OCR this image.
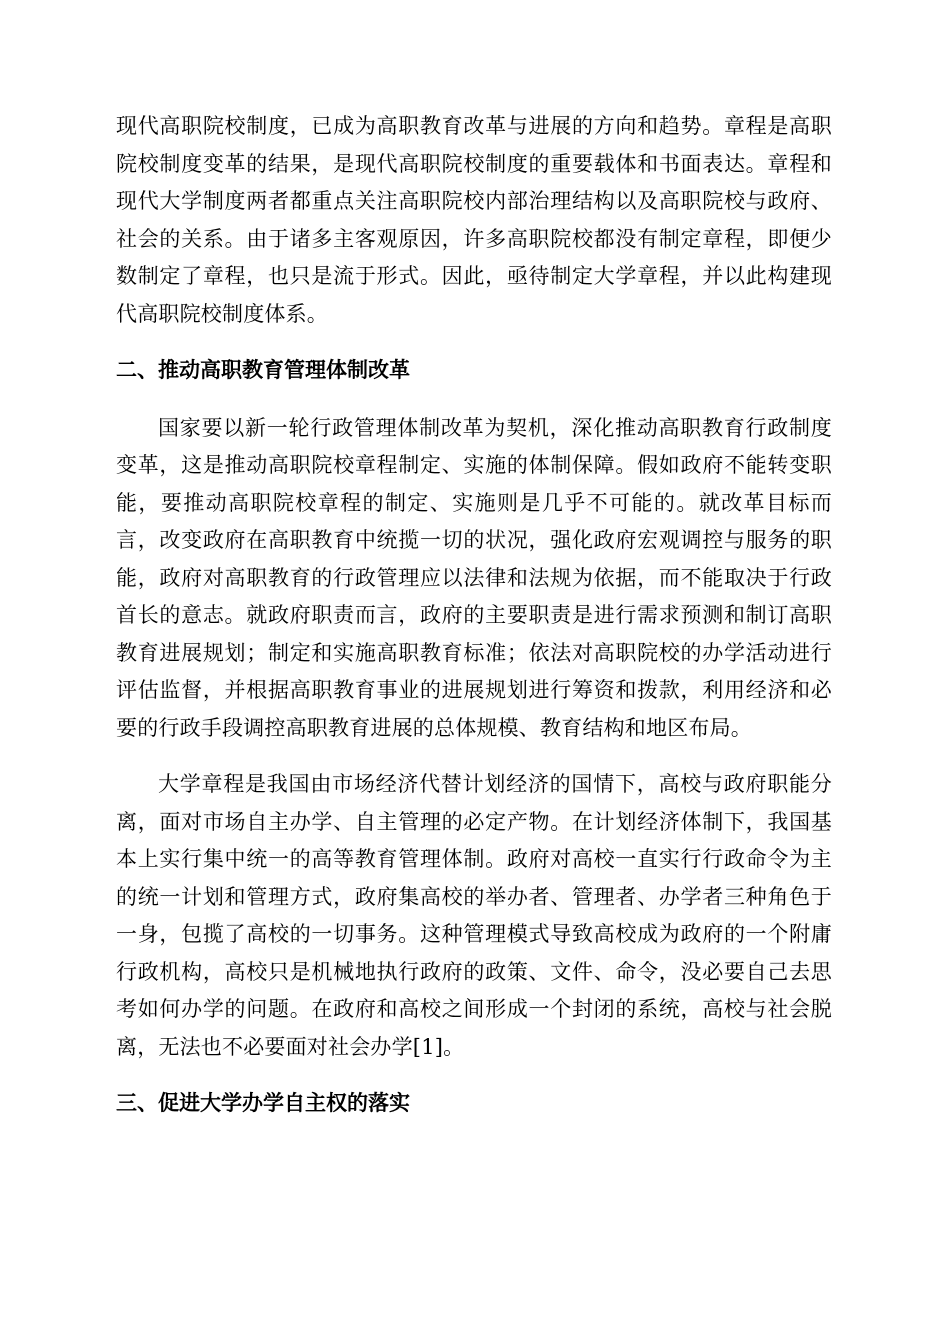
现代高职院校制度，已成为高职教育改革与进展的方向和趋势。章程是高职院校制度变革的结果，是现代高职院校制度的重要载体和书面表达。章程和现代大学制度两者都重点关注高职院校内部治理结构以及高职院校与政府、社会的关系。由于诸多主客观原因，许多高职院校都没有制定章程，即便少数制定了章程，也只是流于形式。因此，亟待制定大学章程，并以此构建现代高职院校制度体系。

二、推动高职教育管理体制改革

国家要以新一轮行政管理体制改革为契机，深化推动高职教育行政制度变革，这是推动高职院校章程制定、实施的体制保障。假如政府不能转变职能，要推动高职院校章程的制定、实施则是几乎不可能的。就改革目标而言，改变政府在高职教育中统揽一切的状况，强化政府宏观调控与服务的职能，政府对高职教育的行政管理应以法律和法规为依据，而不能取决于行政首长的意志。就政府职责而言，政府的主要职责是进行需求预测和制订高职教育进展规划；制定和实施高职教育标准；依法对高职院校的办学活动进行评估监督，并根据高职教育事业的进展规划进行筹资和拨款，利用经济和必要的行政手段调控高职教育进展的总体规模、教育结构和地区布局。

大学章程是我国由市场经济代替计划经济的国情下，高校与政府职能分离，面对市场自主办学、自主管理的必定产物。在计划经济体制下，我国基本上实行集中统一的高等教育管理体制。政府对高校一直实行行政命令为主的统一计划和管理方式，政府集高校的举办者、管理者、办学者三种角色于一身，包揽了高校的一切事务。这种管理模式导致高校成为政府的一个附庸行政机构，高校只是机械地执行政府的政策、文件、命令，没必要自己去思考如何办学的问题。在政府和高校之间形成一个封闭的系统，高校与社会脱离，无法也不必要面对社会办学[1]。

三、促进大学办学自主权的落实
